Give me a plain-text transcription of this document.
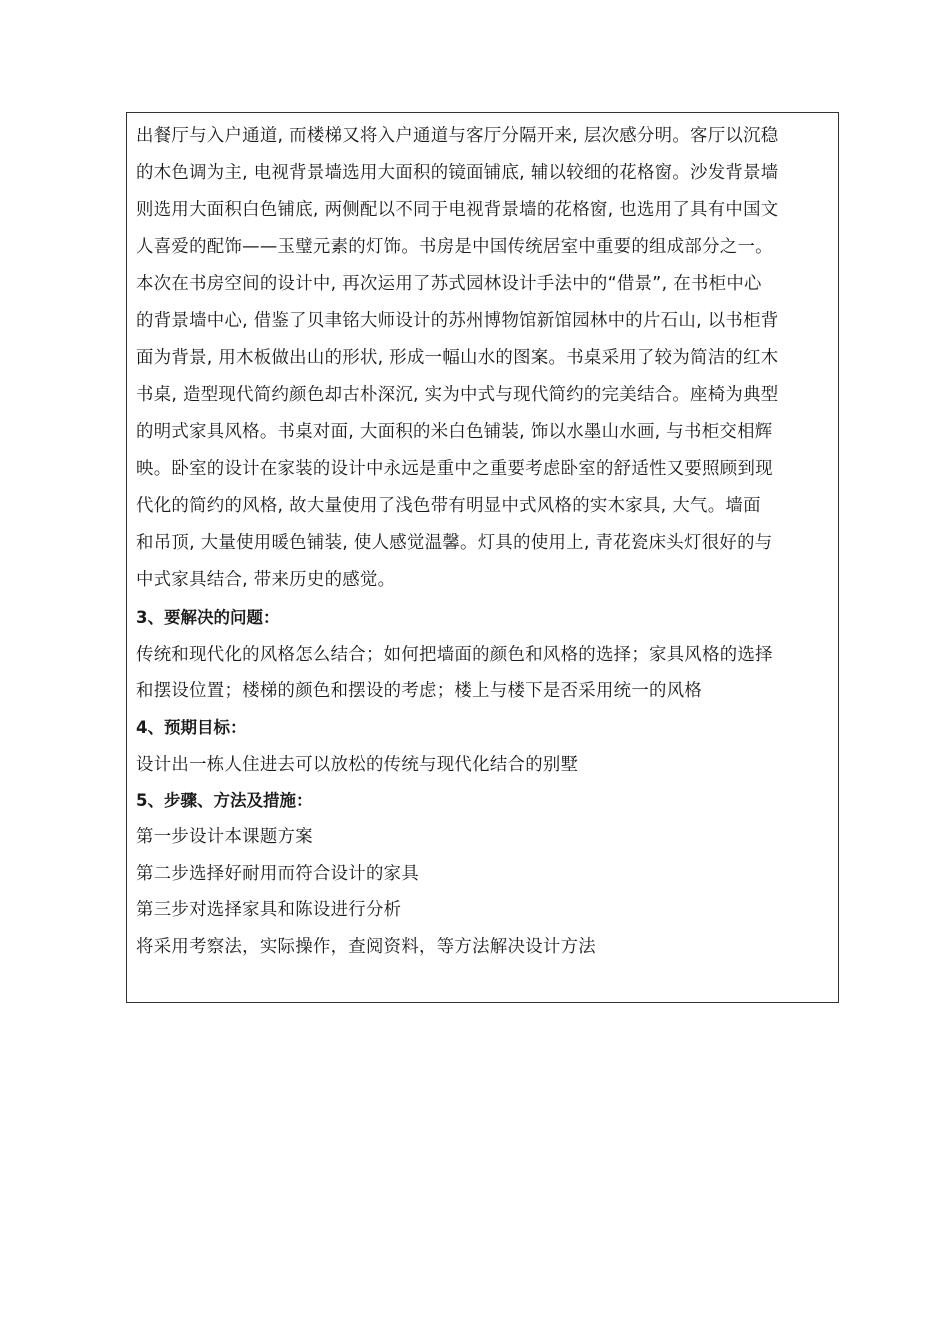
出餐厅与入户通道, 而楼梯又将入户通道与客厅分隔开来, 层次感分明。客厅以沉稳
的木色调为主, 电视背景墙选用大面积的镜面铺底, 辅以较细的花格窗。沙发背景墙
则选用大面积白色铺底, 两侧配以不同于电视背景墙的花格窗, 也选用了具有中国文
人喜爱的配饰——玉璧元素的灯饰。书房是中国传统居室中重要的组成部分之一。
本次在书房空间的设计中, 再次运用了苏式园林设计手法中的“借景”, 在书柜中心
的背景墙中心, 借鉴了贝聿铭大师设计的苏州博物馆新馆园林中的片石山, 以书柜背
面为背景, 用木板做出山的形状, 形成一幅山水的图案。书桌采用了较为简洁的红木
书桌, 造型现代简约颜色却古朴深沉, 实为中式与现代简约的完美结合。座椅为典型
的明式家具风格。书桌对面, 大面积的米白色铺装, 饰以水墨山水画, 与书柜交相辉
映。卧室的设计在家装的设计中永远是重中之重要考虑卧室的舒适性又要照顾到现
代化的简约的风格, 故大量使用了浅色带有明显中式风格的实木家具, 大气。墙面
和吊顶, 大量使用暖色铺装, 使人感觉温馨。灯具的使用上, 青花瓷床头灯很好的与
中式家具结合, 带来历史的感觉。
3、要解决的问题：
传统和现代化的风格怎么结合；如何把墙面的颜色和风格的选择；家具风格的选择
和摆设位置；楼梯的颜色和摆设的考虑；楼上与楼下是否采用统一的风格
4、预期目标：
设计出一栋人住进去可以放松的传统与现代化结合的别墅
5、步骤、方法及措施：
第一步设计本课题方案
第二步选择好耐用而符合设计的家具
第三步对选择家具和陈设进行分析
将采用考察法，实际操作，查阅资料，等方法解决设计方法
